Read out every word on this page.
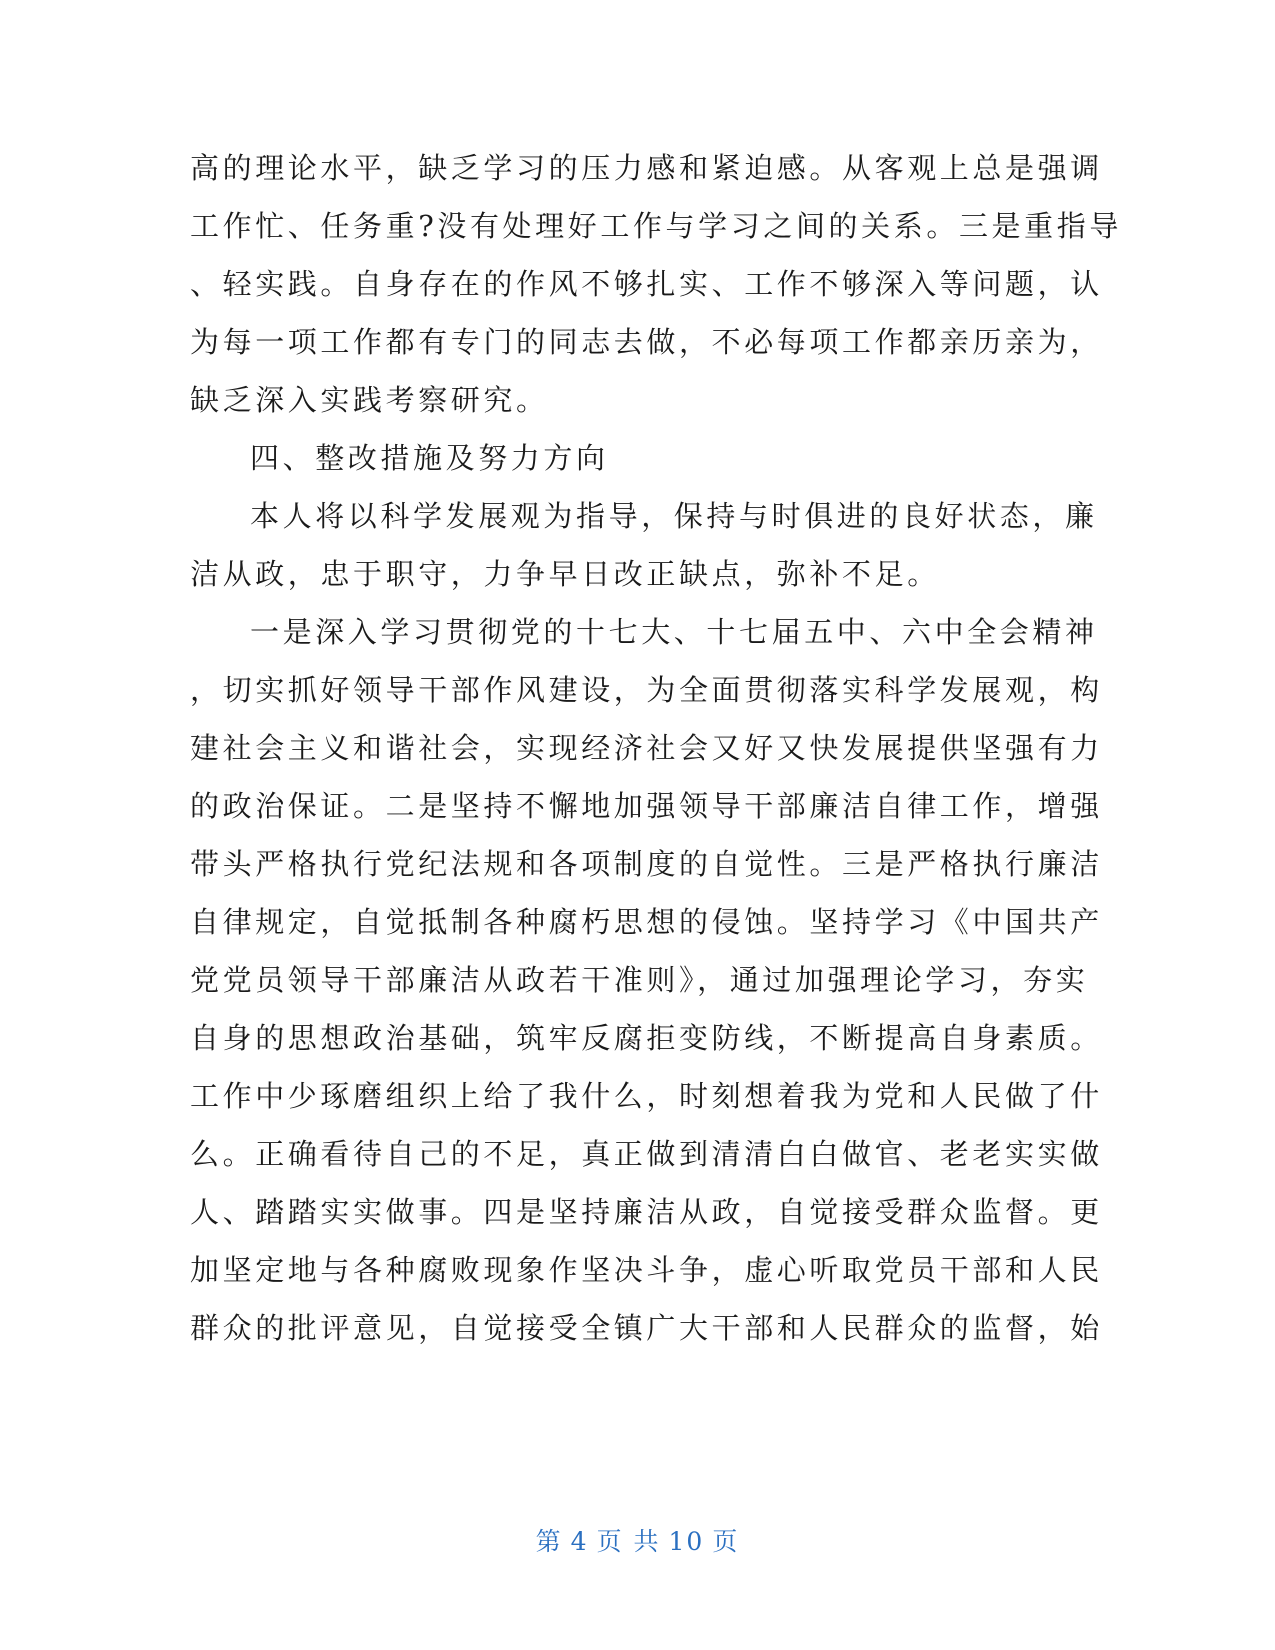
高的理论水平，缺乏学习的压力感和紧迫感。从客观上总是强调
工作忙、任务重?没有处理好工作与学习之间的关系。三是重指导
、轻实践。自身存在的作风不够扎实、工作不够深入等问题，认
为每一项工作都有专门的同志去做，不必每项工作都亲历亲为，
缺乏深入实践考察研究。
四、整改措施及努力方向
本人将以科学发展观为指导，保持与时俱进的良好状态，廉
洁从政，忠于职守，力争早日改正缺点，弥补不足。
一是深入学习贯彻党的十七大、十七届五中、六中全会精神
，切实抓好领导干部作风建设，为全面贯彻落实科学发展观，构
建社会主义和谐社会，实现经济社会又好又快发展提供坚强有力
的政治保证。二是坚持不懈地加强领导干部廉洁自律工作，增强
带头严格执行党纪法规和各项制度的自觉性。三是严格执行廉洁
自律规定，自觉抵制各种腐朽思想的侵蚀。坚持学习《中国共产
党党员领导干部廉洁从政若干准则》，通过加强理论学习，夯实
自身的思想政治基础，筑牢反腐拒变防线，不断提高自身素质。
工作中少琢磨组织上给了我什么，时刻想着我为党和人民做了什
么。正确看待自己的不足，真正做到清清白白做官、老老实实做
人、踏踏实实做事。四是坚持廉洁从政，自觉接受群众监督。更
加坚定地与各种腐败现象作坚决斗争，虚心听取党员干部和人民
群众的批评意见，自觉接受全镇广大干部和人民群众的监督，始
第 4 页 共 10 页
